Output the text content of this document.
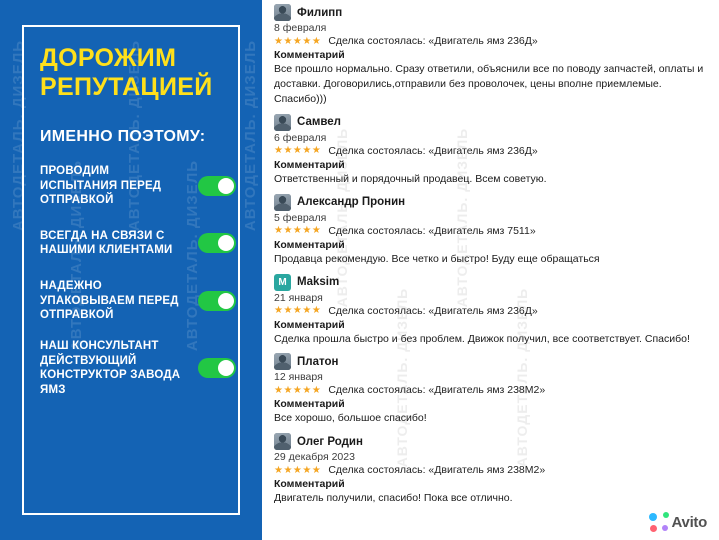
АВТОДЕТАЛЬ. ДИЗЕЛЬ
АВТОДЕТАЛЬ. ДИЗЕЛЬ
АВТОДЕТАЛЬ. ДИЗЕЛЬ
АВТОДЕТАЛЬ. ДИЗЕЛЬ
АВТОДЕТАЛЬ. ДИЗЕЛЬ
ДОРОЖИМ РЕПУТАЦИЕЙ
ИМЕННО ПОЭТОМУ:
ПРОВОДИМ ИСПЫТАНИЯ ПЕРЕД ОТПРАВКОЙ
ВСЕГДА НА СВЯЗИ С НАШИМИ КЛИЕНТАМИ
НАДЕЖНО УПАКОВЫВАЕМ ПЕРЕД ОТПРАВКОЙ
НАШ КОНСУЛЬТАНТ ДЕЙСТВУЮЩИЙ КОНСТРУКТОР ЗАВОДА ЯМЗ
АВТОДЕТАЛЬ. ДИЗЕЛЬ
АВТОДЕТАЛЬ. ДИЗЕЛЬ
АВТОДЕТАЛЬ. ДИЗЕЛЬ
АВТОДЕТАЛЬ. ДИЗЕЛЬ
Филипп
8 февраля
★★★★★ Сделка состоялась: «Двигатель ямз 236Д»
Комментарий
Все прошло нормально. Сразу ответили, объяснили все по поводу запчастей, оплаты и доставки. Договорились,отправили без проволочек, цены вполне приемлемые. Спасибо)))
Самвел
6 февраля
★★★★★ Сделка состоялась: «Двигатель ямз 236Д»
Комментарий
Ответственный и порядочный продавец. Всем советую.
Александр Пронин
5 февраля
★★★★★ Сделка состоялась: «Двигатель ямз 7511»
Комментарий
Продавца рекомендую. Все четко и быстро! Буду еще обращаться
M Maksim
21 января
★★★★★ Сделка состоялась: «Двигатель ямз 236Д»
Комментарий
Сделка прошла быстро и без проблем. Движок получил, все соответствует. Спасибо!
Платон
12 января
★★★★★ Сделка состоялась: «Двигатель ямз 238М2»
Комментарий
Все хорошо, большое спасибо!
Олег Родин
29 декабря 2023
★★★★★ Сделка состоялась: «Двигатель ямз 238М2»
Комментарий
Двигатель получили, спасибо! Пока все отлично.
Avito
